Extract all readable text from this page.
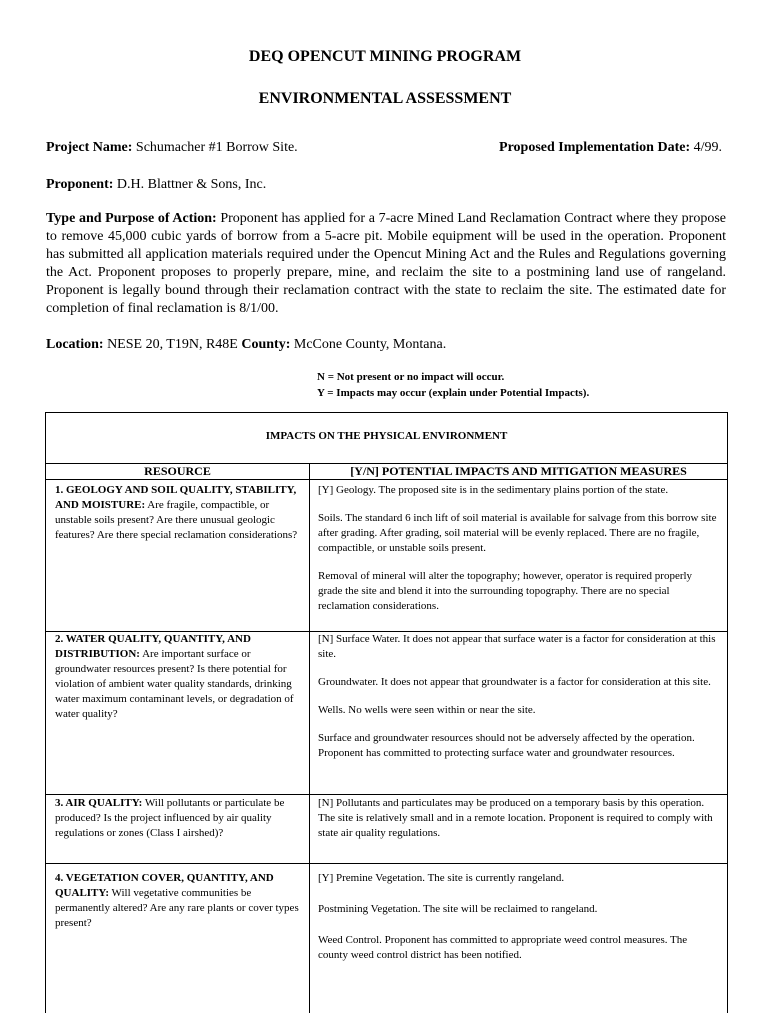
DEQ OPENCUT MINING PROGRAM
ENVIRONMENTAL ASSESSMENT
Project Name: Schumacher #1 Borrow Site.	Proposed Implementation Date: 4/99.
Proponent: D.H. Blattner & Sons, Inc.
Type and Purpose of Action: Proponent has applied for a 7-acre Mined Land Reclamation Contract where they propose to remove 45,000 cubic yards of borrow from a 5-acre pit. Mobile equipment will be used in the operation. Proponent has submitted all application materials required under the Opencut Mining Act and the Rules and Regulations governing the Act. Proponent proposes to properly prepare, mine, and reclaim the site to a postmining land use of rangeland. Proponent is legally bound through their reclamation contract with the state to reclaim the site. The estimated date for completion of final reclamation is 8/1/00.
Location: NESE 20, T19N, R48E County: McCone County, Montana.
N = Not present or no impact will occur.
Y = Impacts may occur (explain under Potential Impacts).
IMPACTS ON THE PHYSICAL ENVIRONMENT
RESOURCE	[Y/N] POTENTIAL IMPACTS AND MITIGATION MEASURES
1. GEOLOGY AND SOIL QUALITY, STABILITY, AND MOISTURE: Are fragile, compactible, or unstable soils present? Are there unusual geologic features? Are there special reclamation considerations?

[Y] Geology. The proposed site is in the sedimentary plains portion of the state.

Soils. The standard 6 inch lift of soil material is available for salvage from this borrow site after grading. After grading, soil material will be evenly replaced. There are no fragile, compactible, or unstable soils present.

Removal of mineral will alter the topography; however, operator is required properly grade the site and blend it into the surrounding topography. There are no special reclamation considerations.

2. WATER QUALITY, QUANTITY, AND DISTRIBUTION: Are important surface or groundwater resources present? Is there potential for violation of ambient water quality standards, drinking water maximum contaminant levels, or degradation of water quality?

[N] Surface Water. It does not appear that surface water is a factor for consideration at this site.

Groundwater. It does not appear that groundwater is a factor for consideration at this site.

Wells. No wells were seen within or near the site.

Surface and groundwater resources should not be adversely affected by the operation. Proponent has committed to protecting surface water and groundwater resources.

3. AIR QUALITY: Will pollutants or particulate be produced? Is the project influenced by air quality regulations or zones (Class I airshed)?

[N] Pollutants and particulates may be produced on a temporary basis by this operation. The site is relatively small and in a remote location. Proponent is required to comply with state air quality regulations.

4. VEGETATION COVER, QUANTITY, AND QUALITY: Will vegetative communities be permanently altered? Are any rare plants or cover types present?

[Y] Premine Vegetation. The site is currently rangeland.

Postmining Vegetation. The site will be reclaimed to rangeland.

Weed Control. Proponent has committed to appropriate weed control measures. The county weed control district has been notified.
